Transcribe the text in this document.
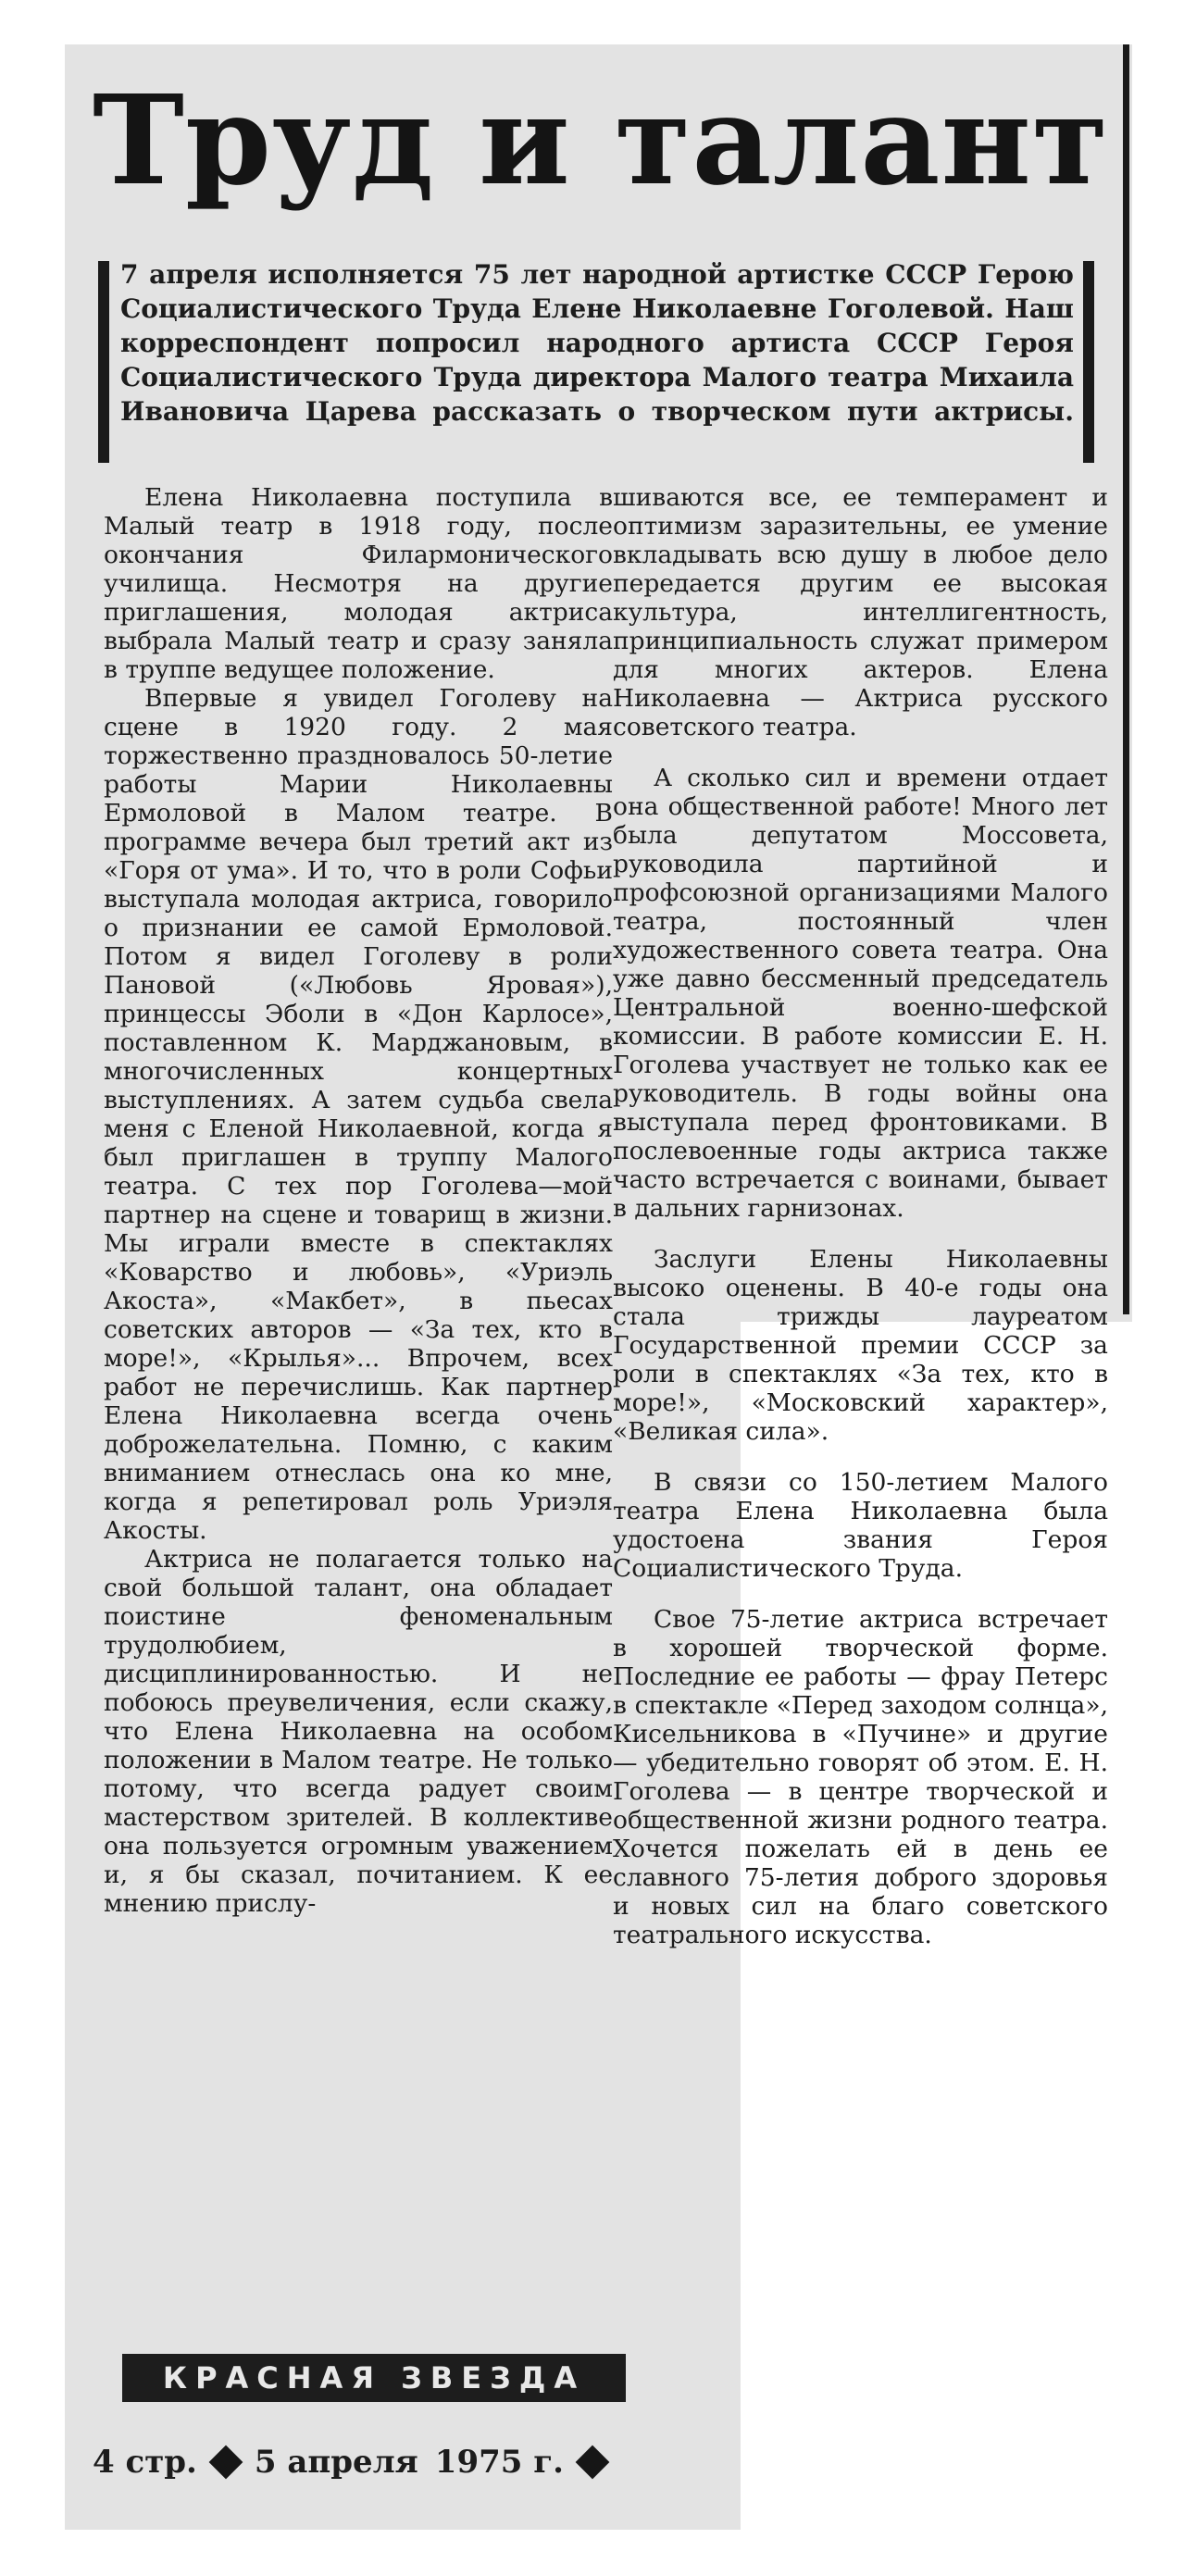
Труд и талант

7 апреля исполняется 75 лет народной артистке СССР Герою Социалистического Труда Елене Николаевне Гоголевой. Наш корреспондент попросил народного артиста СССР Героя Социалистического Труда директора Малого театра Михаила Ивановича Царева рассказать о творческом пути актрисы.

Елена Николаевна поступила в Малый театр в 1918 году, после окончания Филармонического училища. Несмотря на другие приглашения, молодая актриса выбрала Малый театр и сразу заняла в труппе ведущее положение.

Впервые я увидел Гоголеву на сцене в 1920 году. 2 мая торжественно праздновалось 50-летие работы Марии Николаевны Ермоловой в Малом театре. В программе вечера был третий акт из «Горя от ума». И то, что в роли Софьи выступала молодая актриса, говорило о признании ее самой Ермоловой. Потом я видел Гоголеву в роли Пановой («Любовь Яровая»), принцессы Эболи в «Дон Карлосе», поставленном К. Марджановым, в многочисленных концертных выступлениях. А затем судьба свела меня с Еленой Николаевной, когда я был приглашен в труппу Малого театра. С тех пор Гоголева—мой партнер на сцене и товарищ в жизни. Мы играли вместе в спектаклях «Коварство и любовь», «Уриэль Акоста», «Макбет», в пьесах советских авторов — «За тех, кто в море!», «Крылья»... Впрочем, всех работ не перечислишь. Как партнер Елена Николаевна всегда очень доброжелательна. Помню, с каким вниманием отнеслась она ко мне, когда я репетировал роль Уриэля Акосты.

Актриса не полагается только на свой большой талант, она обладает поистине феноменальным трудолюбием, дисциплинированностью. И не побоюсь преувеличения, если скажу, что Елена Николаевна на особом положении в Малом театре. Не только потому, что всегда радует своим мастерством зрителей. В коллективе она пользуется огромным уважением и, я бы сказал, почитанием. К ее мнению прислу-

шиваются все, ее темперамент и оптимизм заразительны, ее умение вкладывать всю душу в любое дело передается другим ее высокая культура, интеллигентность, принципиальность служат примером для многих актеров. Елена Николаевна — Актриса русского советского театра.

А сколько сил и времени отдает она общественной работе! Много лет была депутатом Моссовета, руководила партийной и профсоюзной организациями Малого театра, постоянный член художественного совета театра. Она уже давно бессменный председатель Центральной военно-шефской комиссии. В работе комиссии Е. Н. Гоголева участвует не только как ее руководитель. В годы войны она выступала перед фронтовиками. В послевоенные годы актриса также часто встречается с воинами, бывает в дальних гарнизонах.

Заслуги Елены Николаевны высоко оценены. В 40-е годы она стала трижды лауреатом Государственной премии СССР за роли в спектаклях «За тех, кто в море!», «Московский характер», «Великая сила».

В связи со 150-летием Малого театра Елена Николаевна была удостоена звания Героя Социалистического Труда.

Свое 75-летие актриса встречает в хорошей творческой форме. Последние ее работы — фрау Петерс в спектакле «Перед заходом солнца», Кисельникова в «Пучине» и другие — убедительно говорят об этом. Е. Н. Гоголева — в центре творческой и общественной жизни родного театра. Хочется пожелать ей в день ее славного 75-летия доброго здоровья и новых сил на благо советского театрального искусства.

КРАСНАЯ ЗВЕЗДА
4 стр. 5 апреля 1975 г.
